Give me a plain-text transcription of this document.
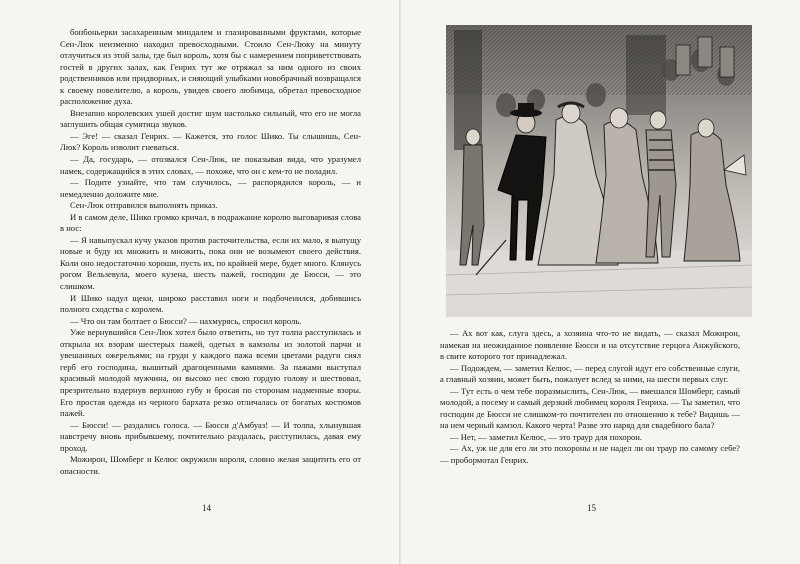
бонбоньерки засахаренным миндалем и глазированными фруктами, которые Сен-Люк неизменно находил превосходными. Стоило Сен-Люку на минуту отлучиться из этой залы, где был король, хотя бы с намерением поприветствовать гостей в других залах, как Генрих тут же отряжал за ним одного из своих родственников или придворных, и сияющий улыбками новобрачный возвращался к своему повелителю, а король, увидев своего любимца, обретал превосходное расположение духа.

Внезапно королевских ушей достиг шум настолько сильный, что его не могла заглушить общая сумятица звуков.

— Эге! — сказал Генрих. — Кажется, это голос Шико. Ты слышишь, Сен-Люк? Король изволит гневаться.

— Да, государь, — отозвался Сен-Люк, не показывая вида, что уразумел намек, содержащийся в этих словах, — похоже, что он с кем-то не поладил.

— Подите узнайте, что там случилось, — распорядился король, — и немедленно доложите мне.

Сен-Люк отправился выполнять приказ.

И в самом деле, Шико громко кричал, в подражание королю выговаривая слова в нос:

— Я навыпускал кучу указов против расточительства, если их мало, я выпущу новые и буду их множить и множить, пока они не возымеют своего действия. Коли оно недостаточно хороши, пусть их, по крайней мере, будет много. Клянусь рогом Вельзевула, моего кузена, шесть пажей, господин де Бюсси, — это слишком.

И Шико надул щеки, широко расставил ноги и подбоченился, добившись полного сходства с королем.

— Что он там болтает о Бюсси? — нахмурясь, спросил король.

Уже вернувшийся Сен-Люк хотел было ответить, но тут толпа расступилась и открыла их взорам шестерых пажей, одетых в камзолы из золотой парчи и увешанных ожерельями; на груди у каждого пажа всеми цветами радуги сиял герб его господина, вышитый драгоценными камнями. За пажами выступал красивый молодой мужчина, он высоко нес свою гордую голову и шествовал, презрительно вздернув верхнюю губу и бросая по сторонам надменные взоры. Его простая одежда из черного бархата резко отличалась от богатых костюмов пажей.

— Бюсси! — раздались голоса. — Бюсси д'Амбуаз! — И толпа, хлынувшая навстречу вновь прибывшему, почтительно раздалась, расступилась, давая ему проход.

Можирон, Шомберг и Келюс окружили короля, словно желая защитить его от опасности.

14

— Ах вот как, слуга здесь, а хозяина что-то не видать, — сказал Можирон, намекая на неожиданное появление Бюсси и на отсутствие герцога Анжуйского, в свите которого тот принадлежал.

— Подождем, — заметил Келюс, — перед слугой идут его собственные слуги, а главный хозяин, может быть, пожалует вслед за ними, на шести первых слуг.

— Тут есть о чем тебе поразмыслить, Сен-Люк, — вмешался Шомберг, самый молодой, а посему и самый дерзкий любимец короля Генриха. — Ты заметил, что господин де Бюсси не слишком-то почтителен по отношению к тебе? Видишь — на нем черный камзол. Какого черта! Разве это наряд для свадебного бала?

— Нет, — заметил Келюс, — это траур для похорон.

— Ах, уж не для его ли это похороны и не надел ли он траур по самому себе? — пробормотал Генрих.

15
